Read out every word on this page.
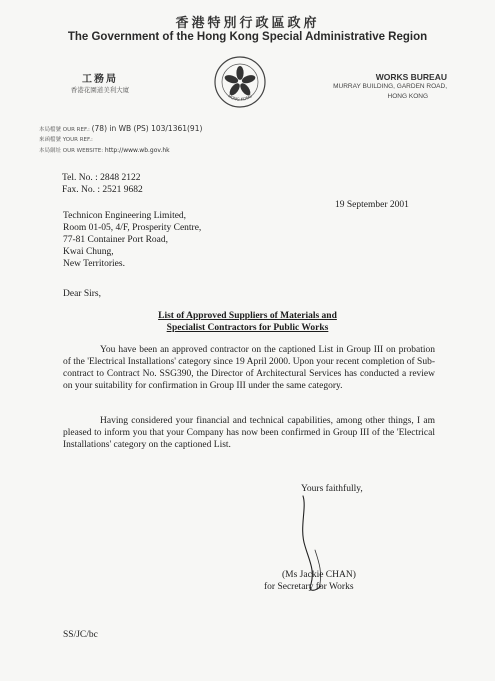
香港特別行政區政府
The Government of the Hong Kong Special Administrative Region
工務局
香港花園道美利大廈
HONG KONG
WORKS BUREAU
MURRAY BUILDING, GARDEN ROAD,
HONG KONG
本局檔號 OUR REF.: (78) in WB (PS) 103/1361(91)
來函檔號 YOUR REF.:
本局網址 OUR WEBSITE: http://www.wb.gov.hk
Tel. No. : 2848 2122
Fax. No. : 2521 9682
19 September 2001
Technicon Engineering Limited,
Room 01-05, 4/F, Prosperity Centre,
77-81 Container Port Road,
Kwai Chung,
New Territories.
Dear Sirs,
List of Approved Suppliers of Materials and
Specialist Contractors for Public Works
You have been an approved contractor on the captioned List in Group III on probation of the 'Electrical Installations' category since 19 April 2000. Upon your recent completion of Sub-contract to Contract No. SSG390, the Director of Architectural Services has conducted a review on your suitability for confirmation in Group III under the same category.
Having considered your financial and technical capabilities, among other things, I am pleased to inform you that your Company has now been confirmed in Group III of the 'Electrical Installations' category on the captioned List.
Yours faithfully,
(Ms Jackie CHAN)
for Secretary for Works
SS/JC/bc
